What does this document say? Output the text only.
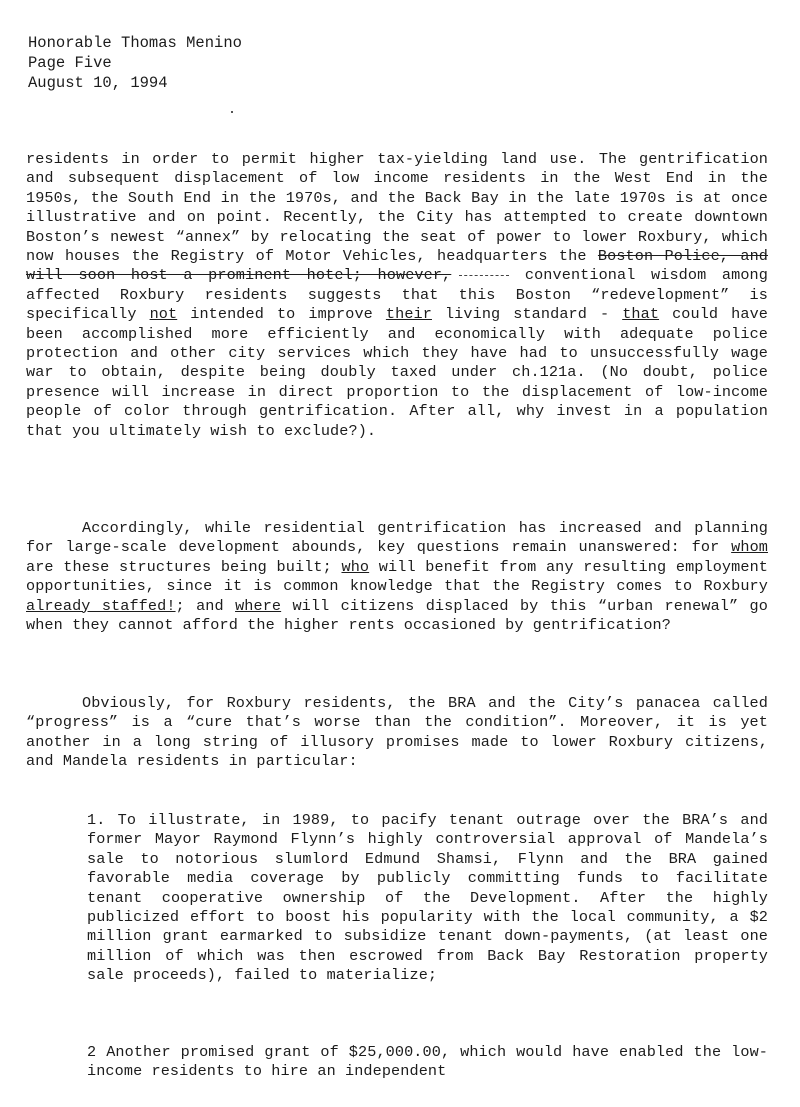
Honorable Thomas Menino
Page Five
August 10, 1994
residents in order to permit higher tax-yielding land use. The gentrification and subsequent displacement of low income residents in the West End in the 1950s, the South End in the 1970s, and the Back Bay in the late 1970s is at once illustrative and on point. Recently, the City has attempted to create downtown Boston’s newest “annex” by relocating the seat of power to lower Roxbury, which now houses the Registry of Motor Vehicles, headquarters the Boston Police, and will soon host a prominent hotel; however,	conventional wisdom among affected Roxbury residents suggests that this Boston “redevelopment” is specifically not intended to improve their living standard - that could have been accomplished more efficiently and economically with adequate police protection and other city services which they have had to unsuccessfully wage war to obtain, despite being doubly taxed under ch.121a. (No doubt, police presence will increase in direct proportion to the displacement of low-income people of color through gentrification. After all, why invest in a population that you ultimately wish to exclude?).
Accordingly, while residential gentrification has increased and planning for large-scale development abounds, key questions remain unanswered: for whom are these structures being built; who will benefit from any resulting employment opportunities, since it is common knowledge that the Registry comes to Roxbury already staffed!; and where will citizens displaced by this “urban renewal” go when they cannot afford the higher rents occasioned by gentrification?
Obviously, for Roxbury residents, the BRA and the City’s panacea called “progress” is a “cure that’s worse than the condition”. Moreover, it is yet another in a long string of illusory promises made to lower Roxbury citizens, and Mandela residents in particular:
1. To illustrate, in 1989, to pacify tenant outrage over the BRA’s and former Mayor Raymond Flynn’s highly controversial approval of Mandela’s sale to notorious slumlord Edmund Shamsi, Flynn and the BRA gained favorable media coverage by publicly committing funds to facilitate tenant cooperative ownership of the Development. After the highly publicized effort to boost his popularity with the local community, a $2 million grant earmarked to subsidize tenant down-payments, (at least one million of which was then escrowed from Back Bay Restoration property sale proceeds), failed to materialize;
2 Another promised grant of $25,000.00, which would have enabled the low-income residents to hire an independent
